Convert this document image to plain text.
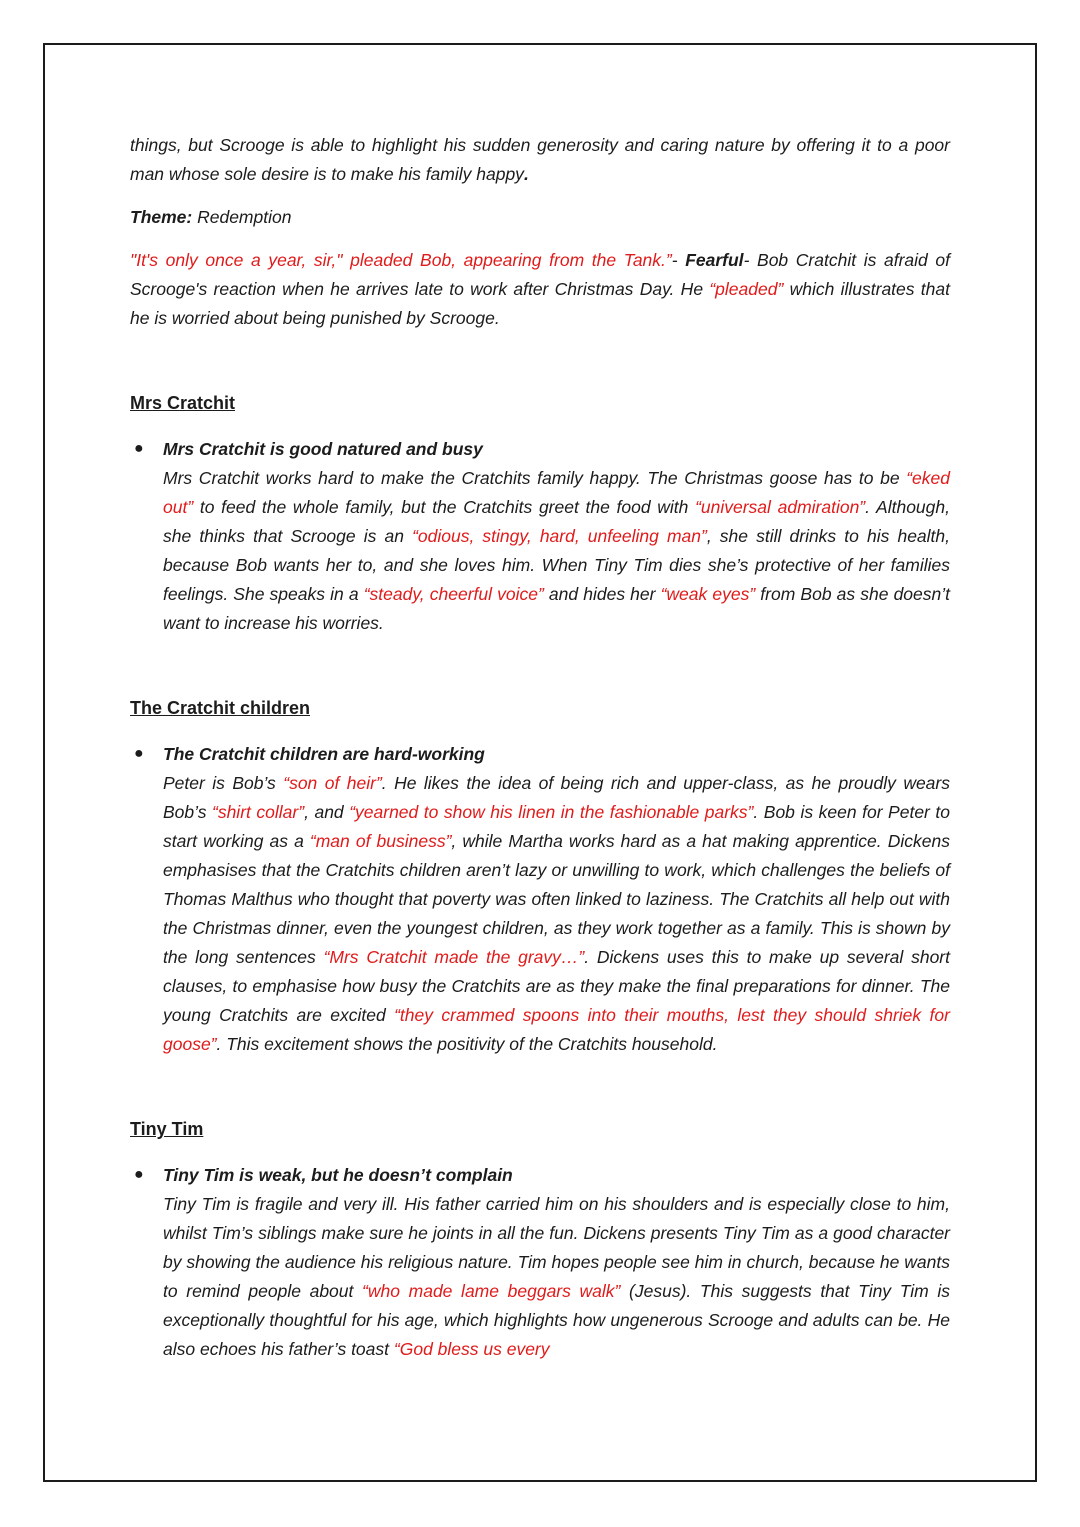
things, but Scrooge is able to highlight his sudden generosity and caring nature by offering it to a poor man whose sole desire is to make his family happy.

Theme: Redemption

"It's only once a year, sir," pleaded Bob, appearing from the Tank.”- Fearful- Bob Cratchit is afraid of Scrooge's reaction when he arrives late to work after Christmas Day. He “pleaded” which illustrates that he is worried about being punished by Scrooge.

Mrs Cratchit
● Mrs Cratchit is good natured and busy
Mrs Cratchit works hard to make the Cratchits family happy. The Christmas goose has to be “eked out” to feed the whole family, but the Cratchits greet the food with “universal admiration”. Although, she thinks that Scrooge is an “odious, stingy, hard, unfeeling man”, she still drinks to his health, because Bob wants her to, and she loves him. When Tiny Tim dies she’s protective of her families feelings. She speaks in a “steady, cheerful voice” and hides her “weak eyes” from Bob as she doesn’t want to increase his worries.
The Cratchit children
● The Cratchit children are hard-working
Peter is Bob’s “son of heir”. He likes the idea of being rich and upper-class, as he proudly wears Bob’s “shirt collar”, and “yearned to show his linen in the fashionable parks”. Bob is keen for Peter to start working as a “man of business”, while Martha works hard as a hat making apprentice. Dickens emphasises that the Cratchits children aren’t lazy or unwilling to work, which challenges the beliefs of Thomas Malthus who thought that poverty was often linked to laziness. The Cratchits all help out with the Christmas dinner, even the youngest children, as they work together as a family. This is shown by the long sentences “Mrs Cratchit made the gravy…”. Dickens uses this to make up several short clauses, to emphasise how busy the Cratchits are as they make the final preparations for dinner. The young Cratchits are excited “they crammed spoons into their mouths, lest they should shriek for goose”. This excitement shows the positivity of the Cratchits household.
Tiny Tim
● Tiny Tim is weak, but he doesn’t complain
Tiny Tim is fragile and very ill. His father carried him on his shoulders and is especially close to him, whilst Tim’s siblings make sure he joints in all the fun. Dickens presents Tiny Tim as a good character by showing the audience his religious nature. Tim hopes people see him in church, because he wants to remind people about “who made lame beggars walk” (Jesus). This suggests that Tiny Tim is exceptionally thoughtful for his age, which highlights how ungenerous Scrooge and adults can be. He also echoes his father’s toast “God bless us every
